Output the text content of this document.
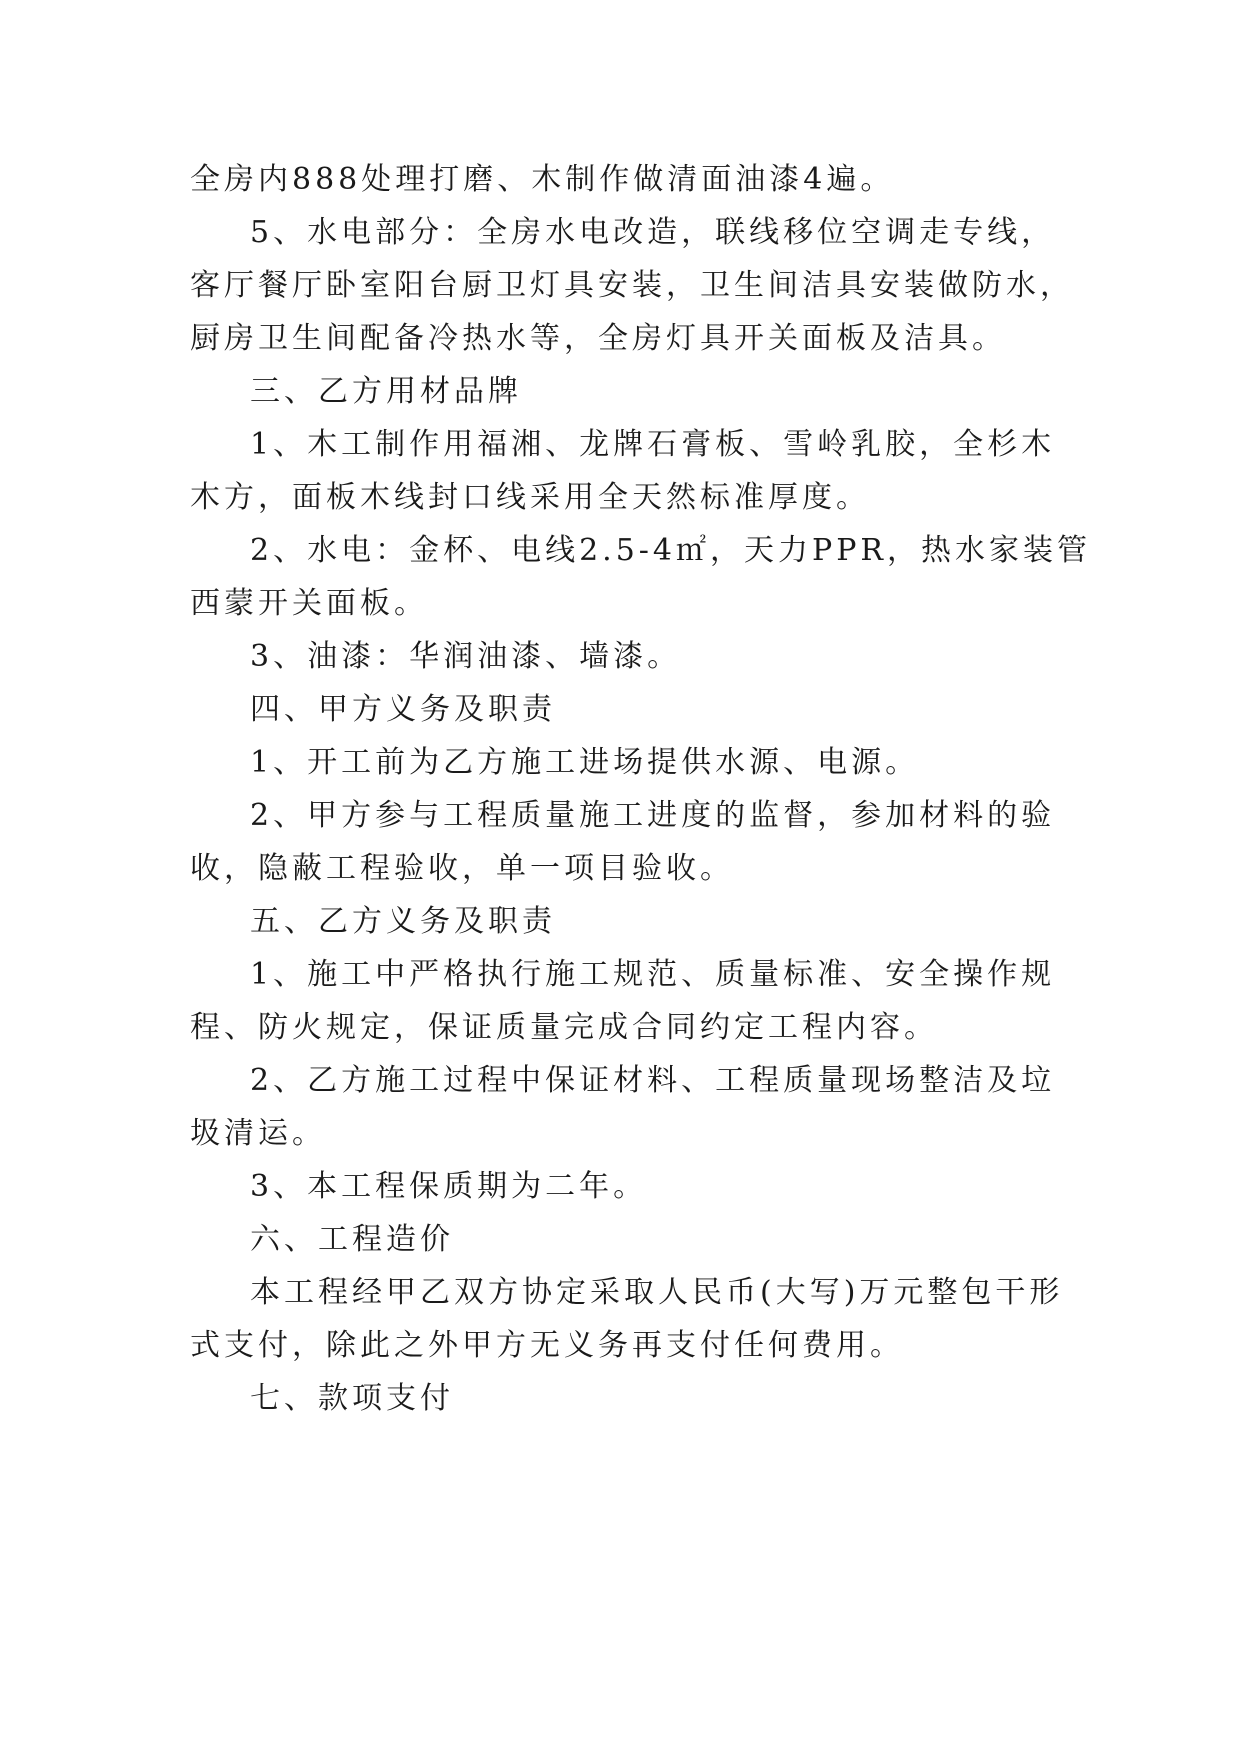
全房内888处理打磨、木制作做清面油漆4遍。
5、水电部分：全房水电改造，联线移位空调走专线，
客厅餐厅卧室阳台厨卫灯具安装，卫生间洁具安装做防水，
厨房卫生间配备冷热水等，全房灯具开关面板及洁具。
三、乙方用材品牌
1、木工制作用福湘、龙牌石膏板、雪岭乳胶，全杉木
木方，面板木线封口线采用全天然标准厚度。
2、水电：金杯、电线2.5-4㎡，天力PPR，热水家装管
西蒙开关面板。
3、油漆：华润油漆、墙漆。
四、甲方义务及职责
1、开工前为乙方施工进场提供水源、电源。
2、甲方参与工程质量施工进度的监督，参加材料的验
收，隐蔽工程验收，单一项目验收。
五、乙方义务及职责
1、施工中严格执行施工规范、质量标准、安全操作规
程、防火规定，保证质量完成合同约定工程内容。
2、乙方施工过程中保证材料、工程质量现场整洁及垃
圾清运。
3、本工程保质期为二年。
六、工程造价
本工程经甲乙双方协定采取人民币(大写)万元整包干形
式支付，除此之外甲方无义务再支付任何费用。
七、款项支付
